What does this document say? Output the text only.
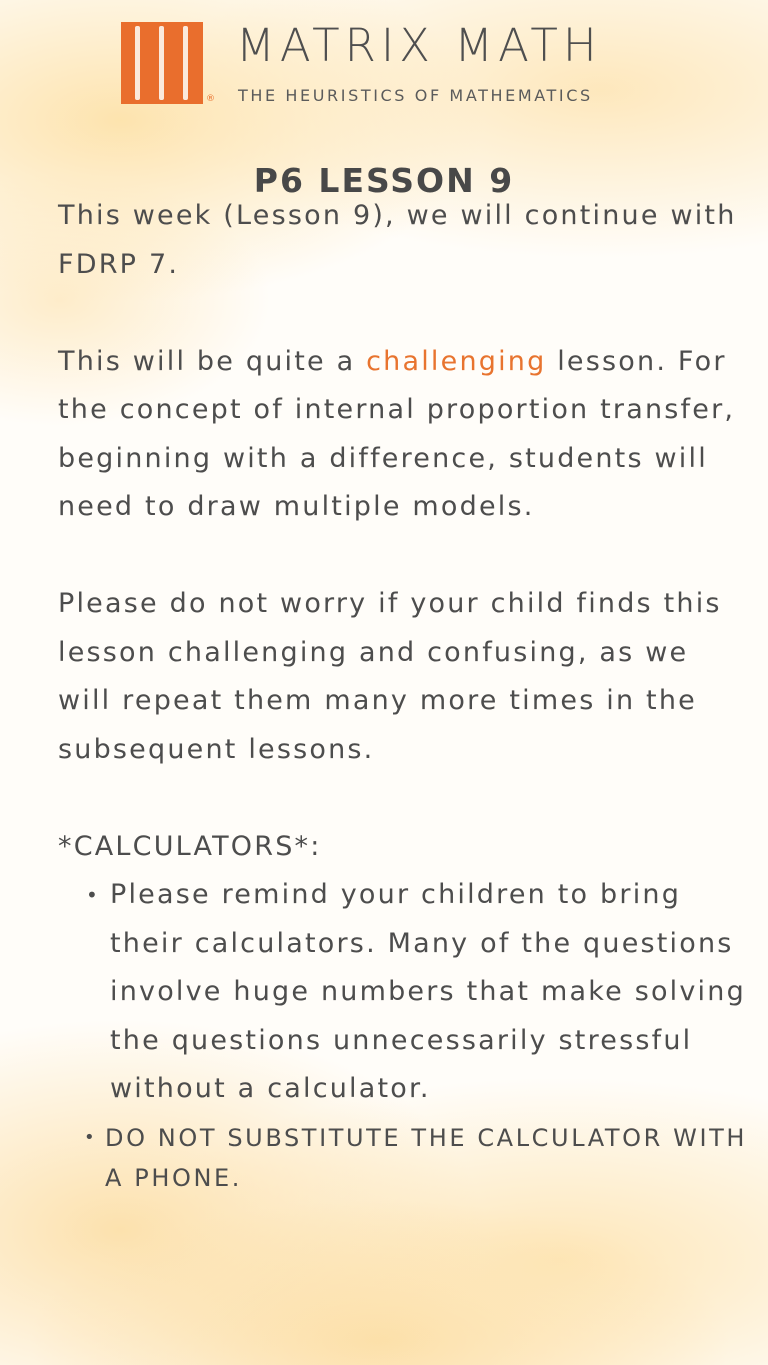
®
MATRIX MATH
THE HEURISTICS OF MATHEMATICS
P6 LESSON 9

This week (Lesson 9), we will continue with FDRP 7.

This will be quite a challenging lesson. For the concept of internal proportion transfer, beginning with a difference, students will need to draw multiple models.

Please do not worry if your child finds this lesson challenging and confusing, as we will repeat them many more times in the subsequent lessons.

*CALCULATORS*:
• Please remind your children to bring their calculators. Many of the questions involve huge numbers that make solving the questions unnecessarily stressful without a calculator.
• DO NOT SUBSTITUTE THE CALCULATOR WITH A PHONE.
